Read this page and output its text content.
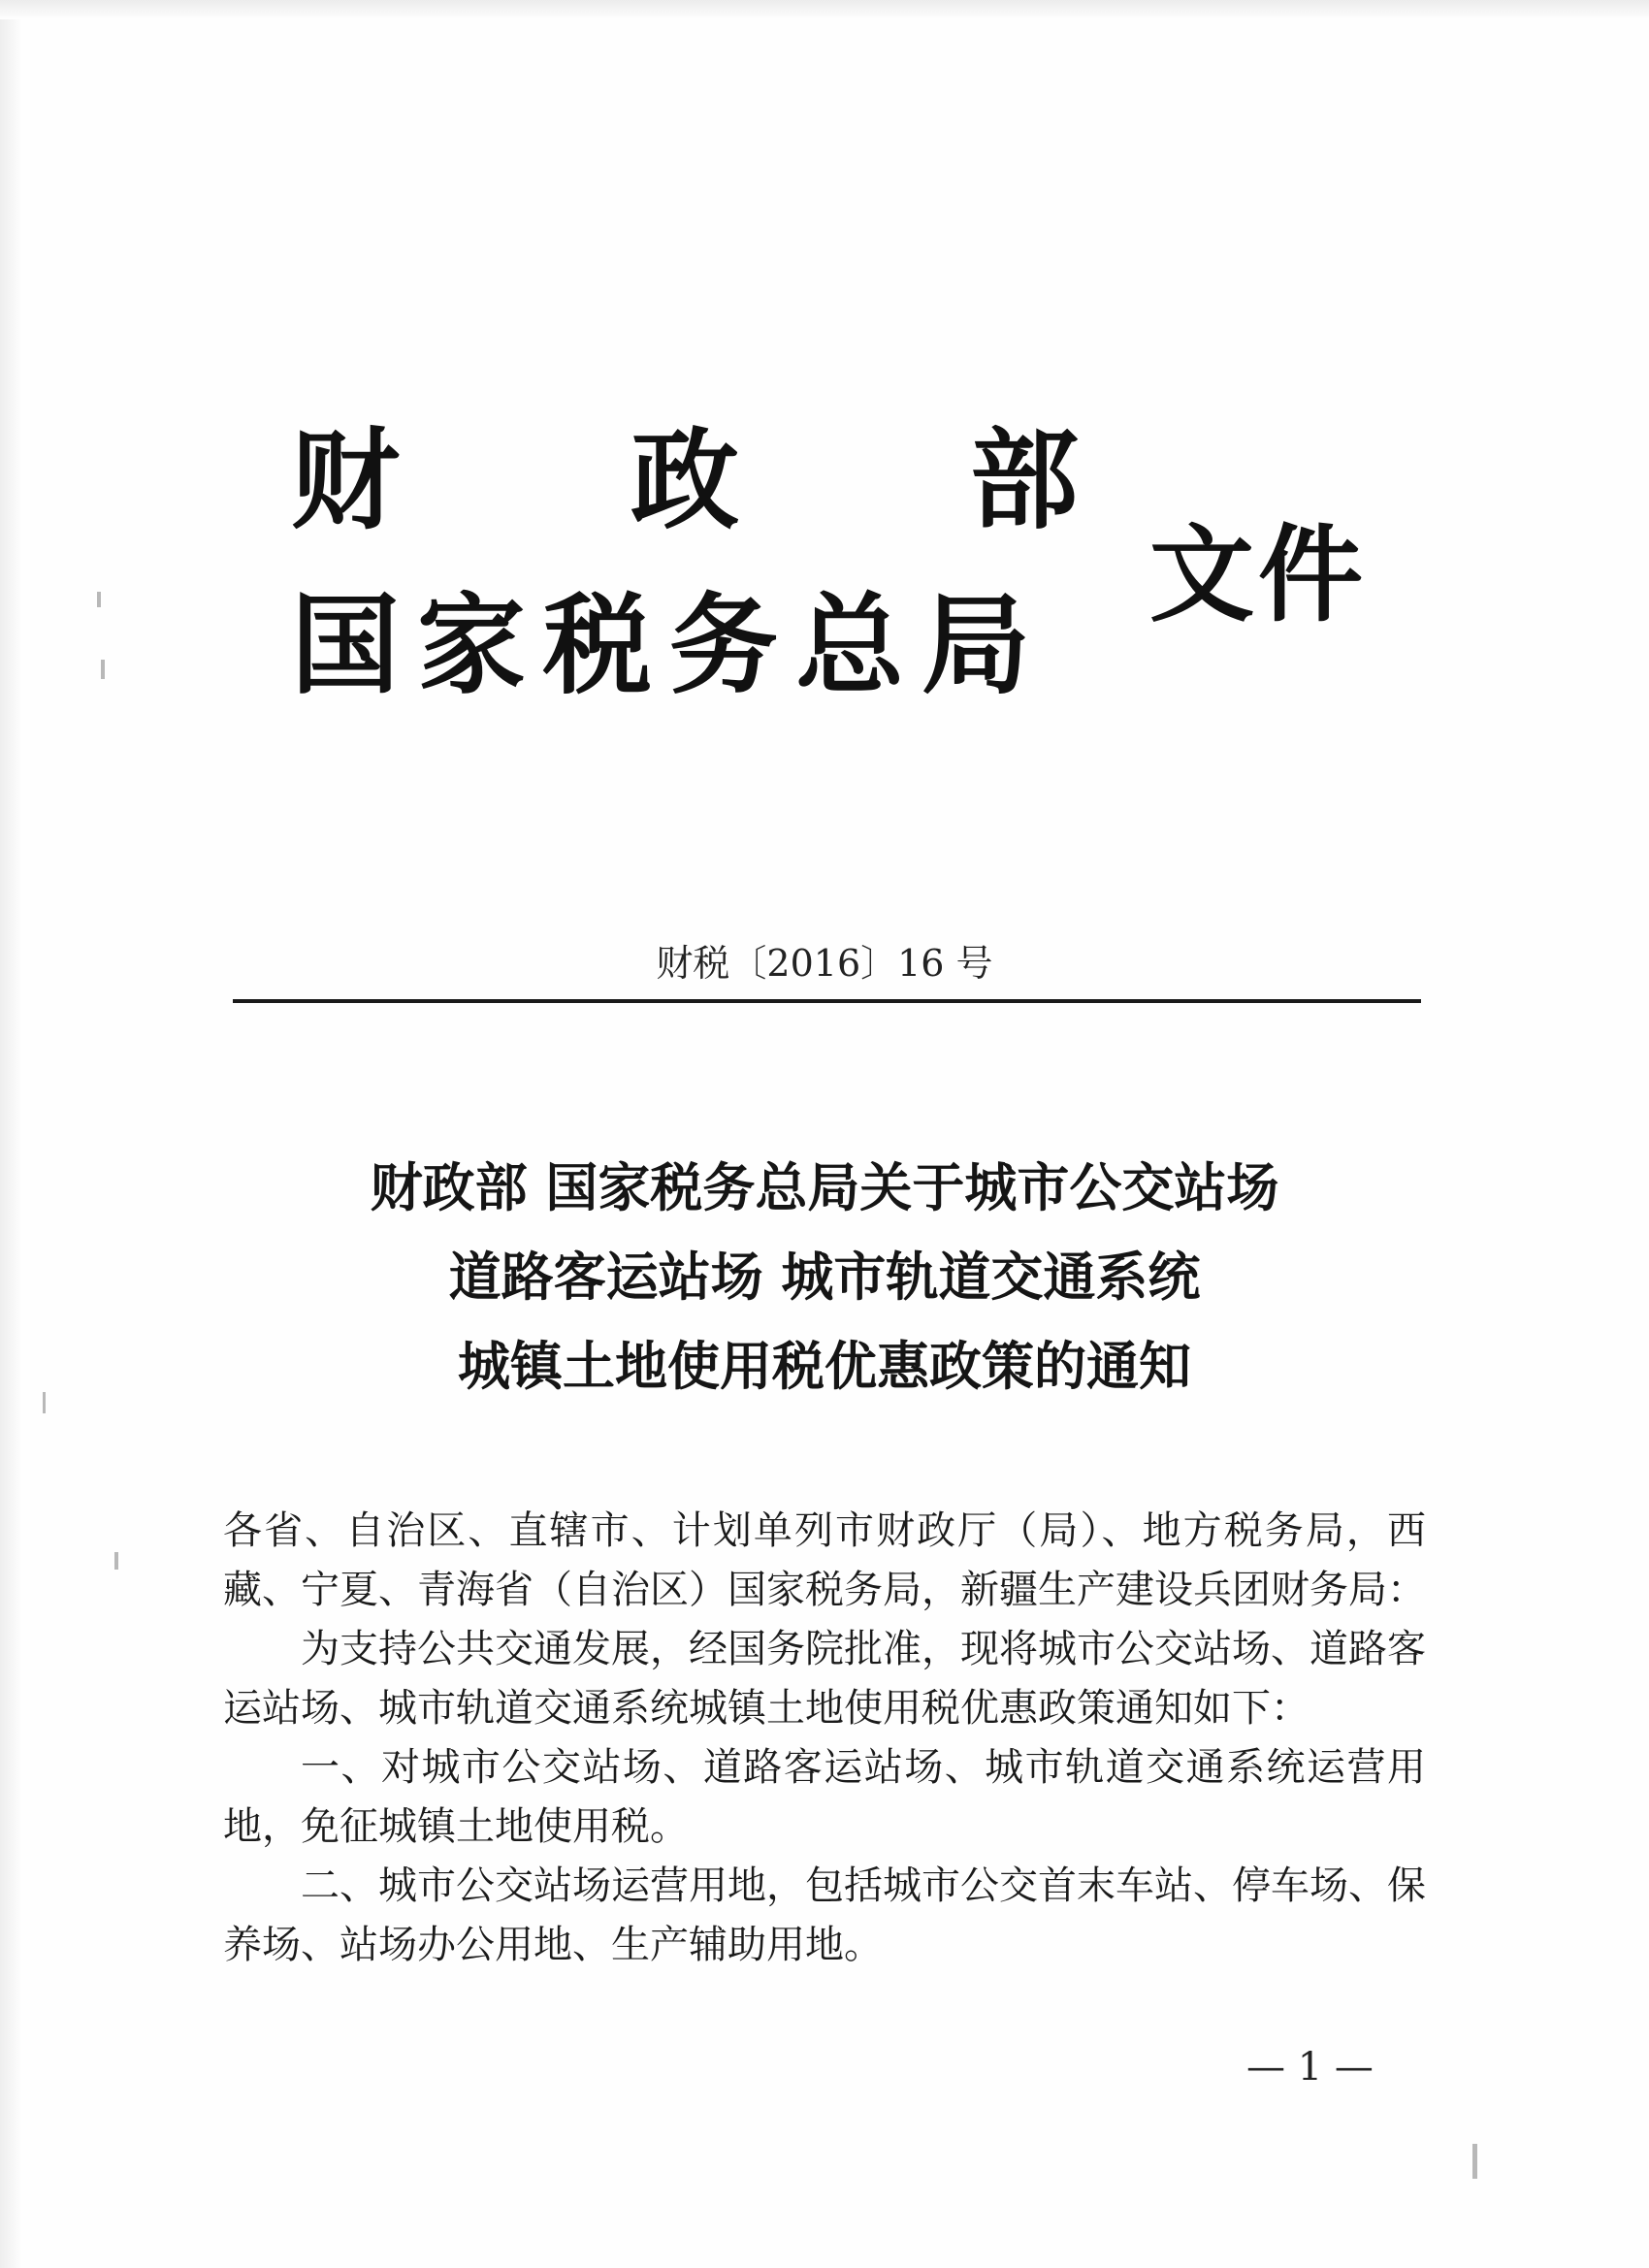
财 政 部
国家税务总局
文件
财税〔2016〕16 号
财政部 国家税务总局关于城市公交站场
道路客运站场 城市轨道交通系统
城镇土地使用税优惠政策的通知

各省、自治区、直辖市、计划单列市财政厅（局）、地方税务局，西藏、宁夏、青海省（自治区）国家税务局，新疆生产建设兵团财务局：

为支持公共交通发展，经国务院批准，现将城市公交站场、道路客运站场、城市轨道交通系统城镇土地使用税优惠政策通知如下：

一、对城市公交站场、道路客运站场、城市轨道交通系统运营用地，免征城镇土地使用税。

二、城市公交站场运营用地，包括城市公交首末车站、停车场、保养场、站场办公用地、生产辅助用地。

— 1 —
